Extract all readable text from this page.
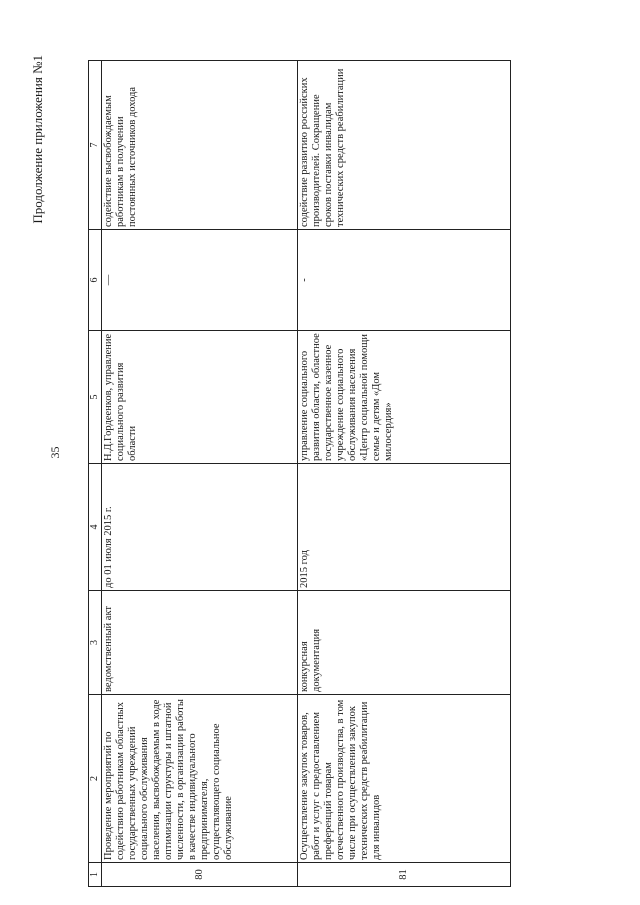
Продолжение приложения №1
35
1	2	3	4	5	6	7
80	Проведение мероприятий по содействию работникам областных государственных учреждений социального обслуживания населения, высвобождаемым в ходе оптимизации структуры и штатной численности, в организации работы в качестве индивидуального предпринимателя, осуществляющего социальное обслуживание	ведомственный акт	до 01 июля 2015 г.	Н.Д.Гордеенков, управление социального развития области	—	содействие высвобождаемым работникам в получении постоянных источников дохода
81	Осуществление закупок товаров, работ и услуг с предоставлением преференций товарам отечественного производства, в том числе при осуществлении закупок технических средств реабилитации для инвалидов	конкурсная документация	2015 год	управление социального развития области, областное государственное казенное учреждение социального обслуживания населения «Центр социальной помощи семье и детям «Дом милосердия»	-	содействие развитию российских производителей. Сокращение сроков поставки инвалидам технических средств реабилитации
